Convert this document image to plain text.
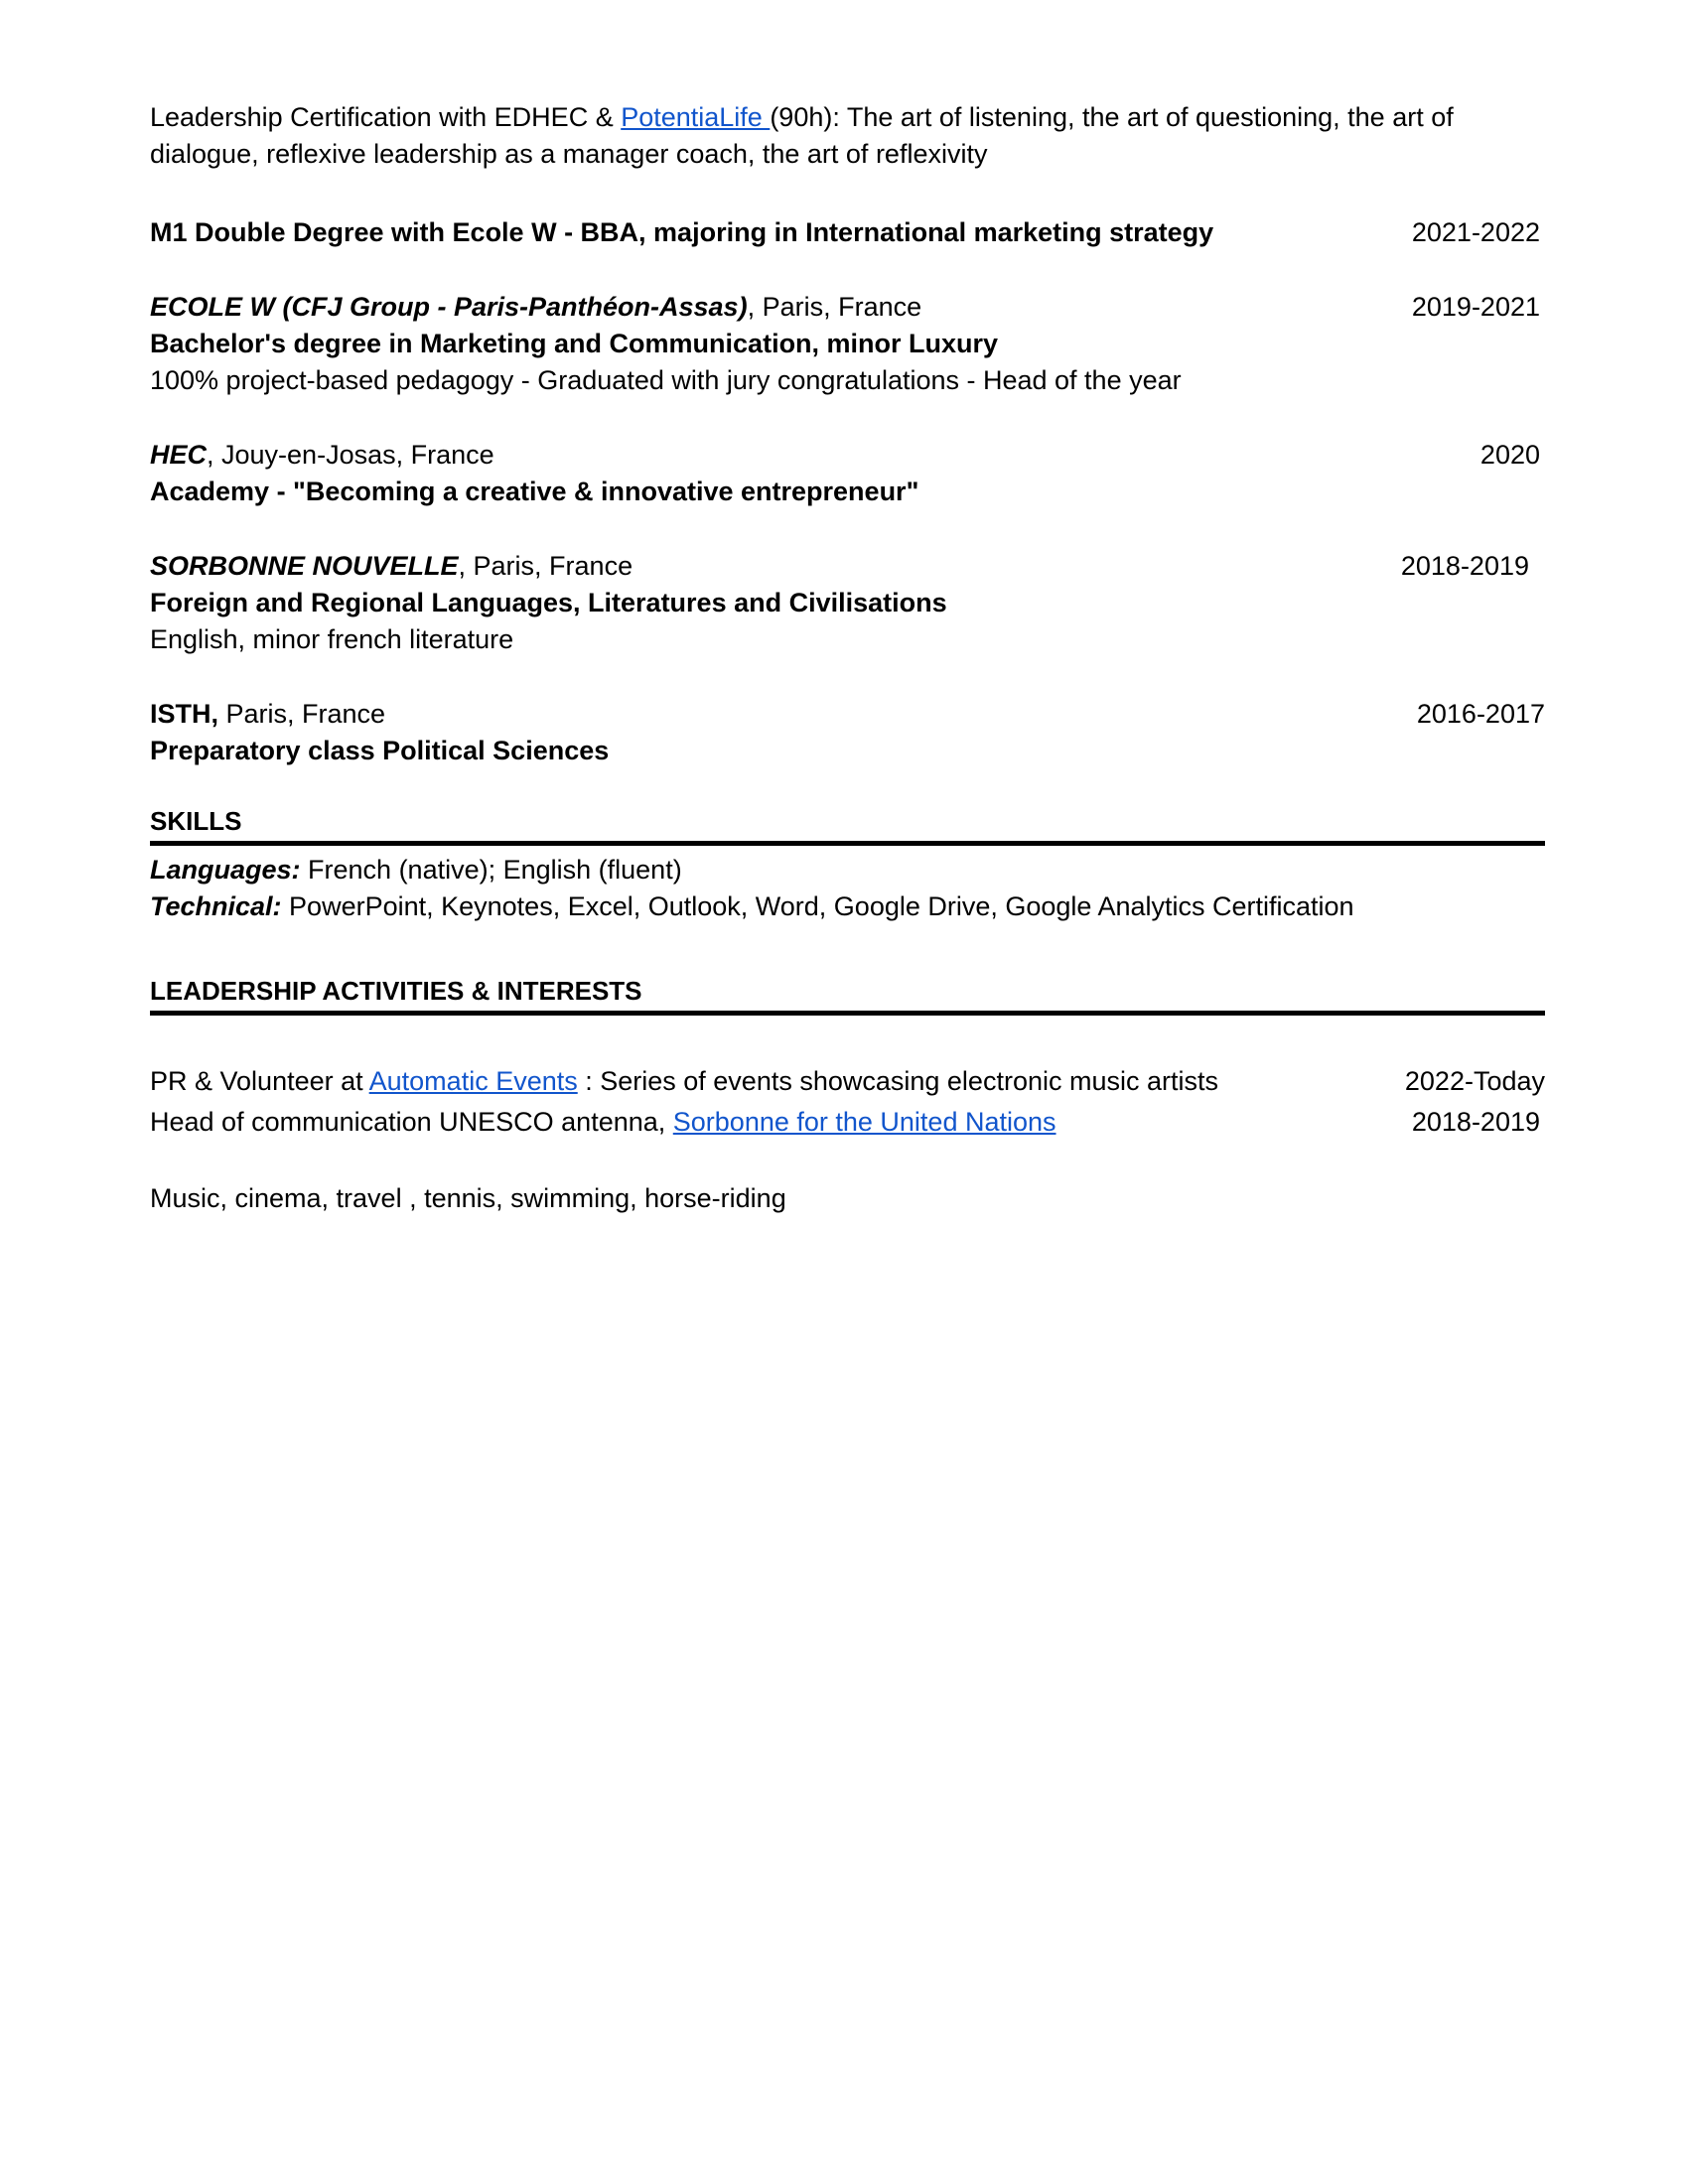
Leadership Certification with EDHEC & PotentiaLife (90h): The art of listening, the art of questioning, the art of dialogue, reflexive leadership as a manager coach, the art of reflexivity

M1 Double Degree with Ecole W - BBA, majoring in International marketing strategy	2021-2022
ECOLE W (CFJ Group - Paris-Panthéon-Assas), Paris, France	2019-2021

Bachelor's degree in Marketing and Communication, minor Luxury

100% project-based pedagogy - Graduated with jury congratulations - Head of the year

HEC, Jouy-en-Josas, France	2020

Academy - "Becoming a creative & innovative entrepreneur"

SORBONNE NOUVELLE, Paris, France	2018-2019

Foreign and Regional Languages, Literatures and Civilisations

English, minor french literature

ISTH, Paris, France	2016-2017

Preparatory class Political Sciences

SKILLS

Languages: French (native); English (fluent)

Technical: PowerPoint, Keynotes, Excel, Outlook, Word, Google Drive, Google Analytics Certification

LEADERSHIP ACTIVITIES & INTERESTS

PR & Volunteer at Automatic Events : Series of events showcasing electronic music artists	2022-Today
Head of communication UNESCO antenna, Sorbonne for the United Nations	2018-2019

Music, cinema, travel , tennis, swimming, horse-riding
